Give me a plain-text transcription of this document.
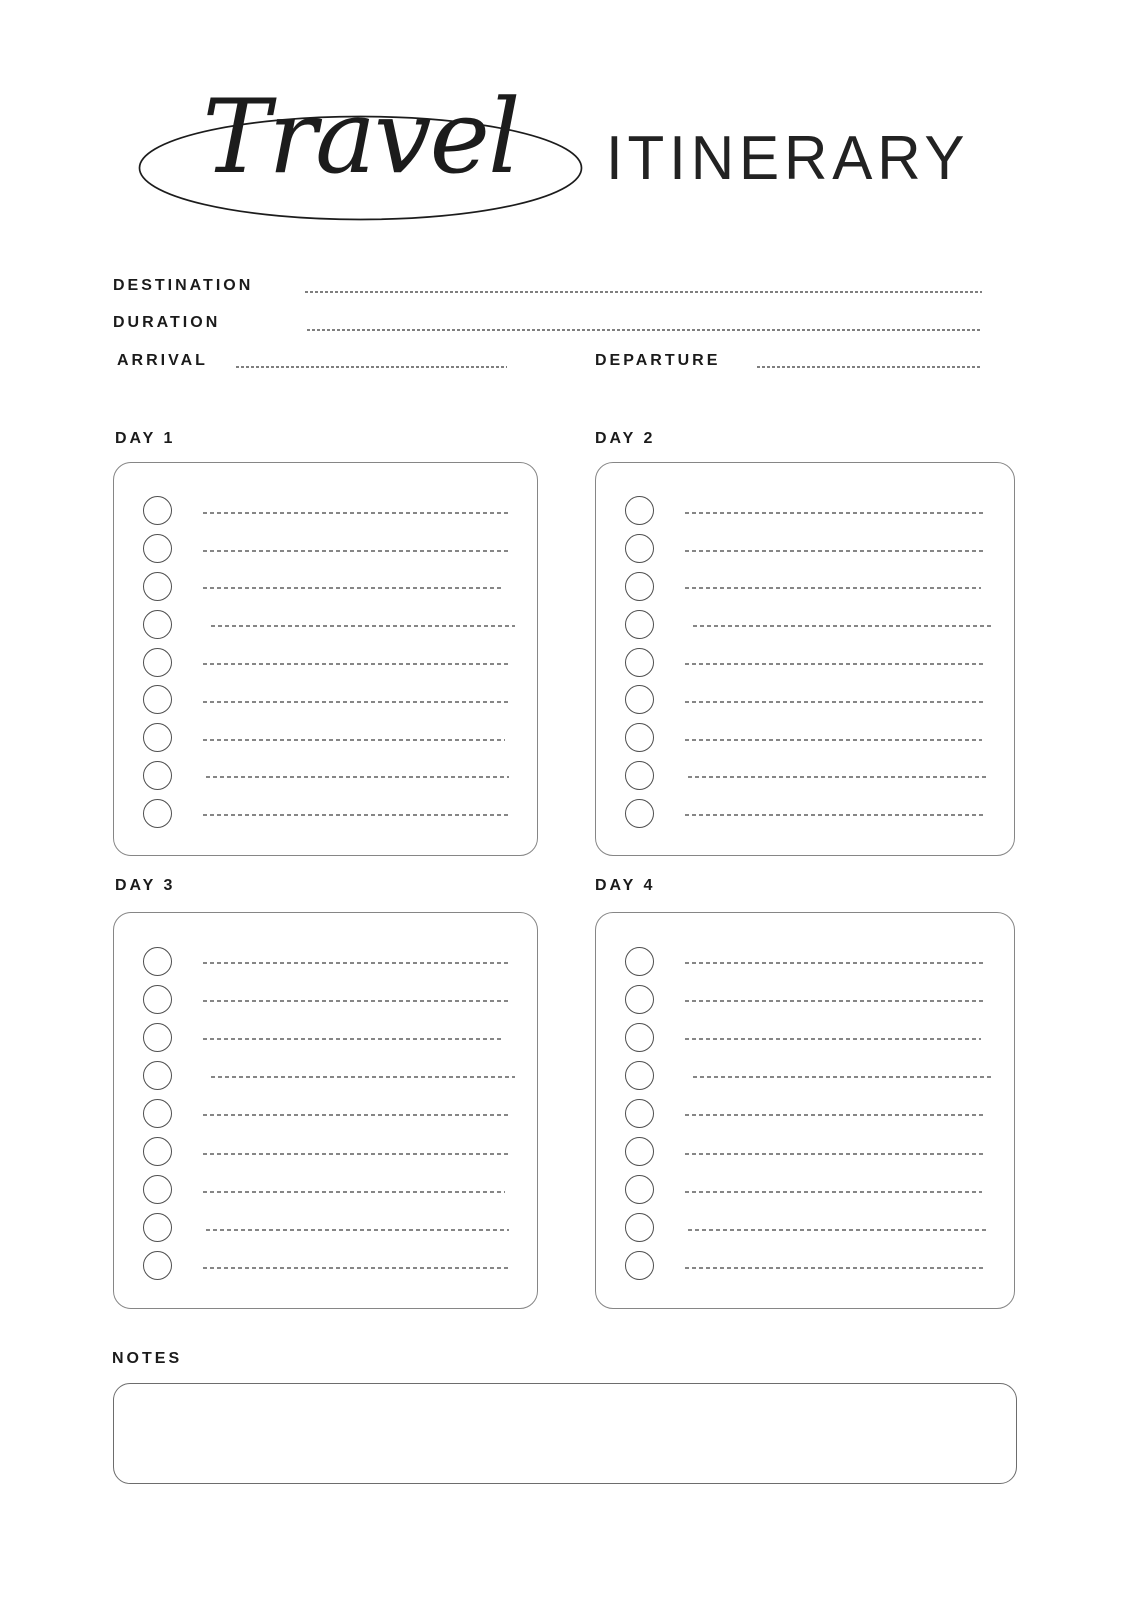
Travel	ITINERARY
DESTINATION
DURATION
ARRIVAL	DEPARTURE
DAY 1	DAY 2
DAY 3	DAY 4
NOTES
